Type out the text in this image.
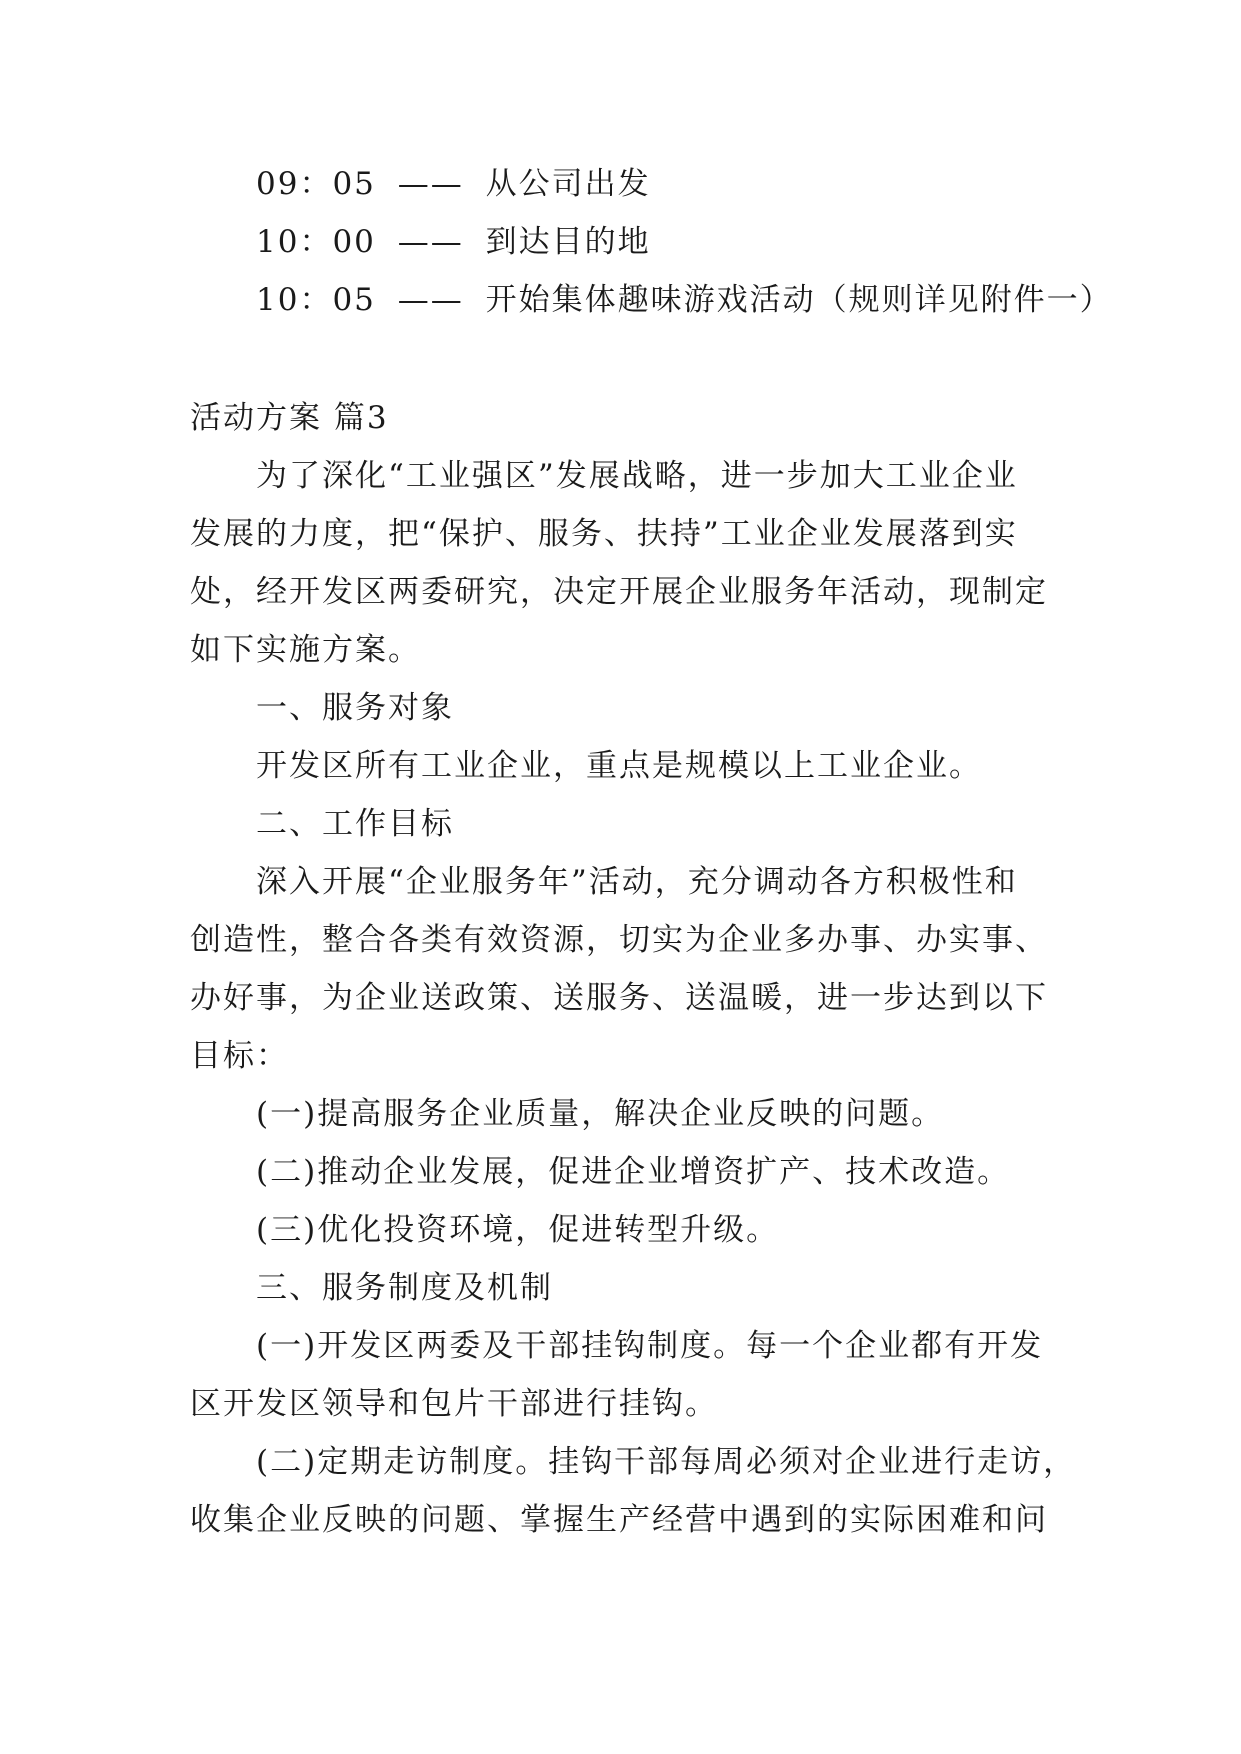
09：05 —— 从公司出发
10：00 —— 到达目的地
10：05 —— 开始集体趣味游戏活动（规则详见附件一）
活动方案 篇3
为了深化“工业强区”发展战略，进一步加大工业企业
发展的力度，把“保护、服务、扶持”工业企业发展落到实
处，经开发区两委研究，决定开展企业服务年活动，现制定
如下实施方案。
一、服务对象
开发区所有工业企业，重点是规模以上工业企业。
二、工作目标
深入开展“企业服务年”活动，充分调动各方积极性和
创造性，整合各类有效资源，切实为企业多办事、办实事、
办好事，为企业送政策、送服务、送温暖，进一步达到以下
目标：
(一)提高服务企业质量，解决企业反映的问题。
(二)推动企业发展，促进企业增资扩产、技术改造。
(三)优化投资环境，促进转型升级。
三、服务制度及机制
(一)开发区两委及干部挂钩制度。每一个企业都有开发
区开发区领导和包片干部进行挂钩。
(二)定期走访制度。挂钩干部每周必须对企业进行走访，
收集企业反映的问题、掌握生产经营中遇到的实际困难和问
